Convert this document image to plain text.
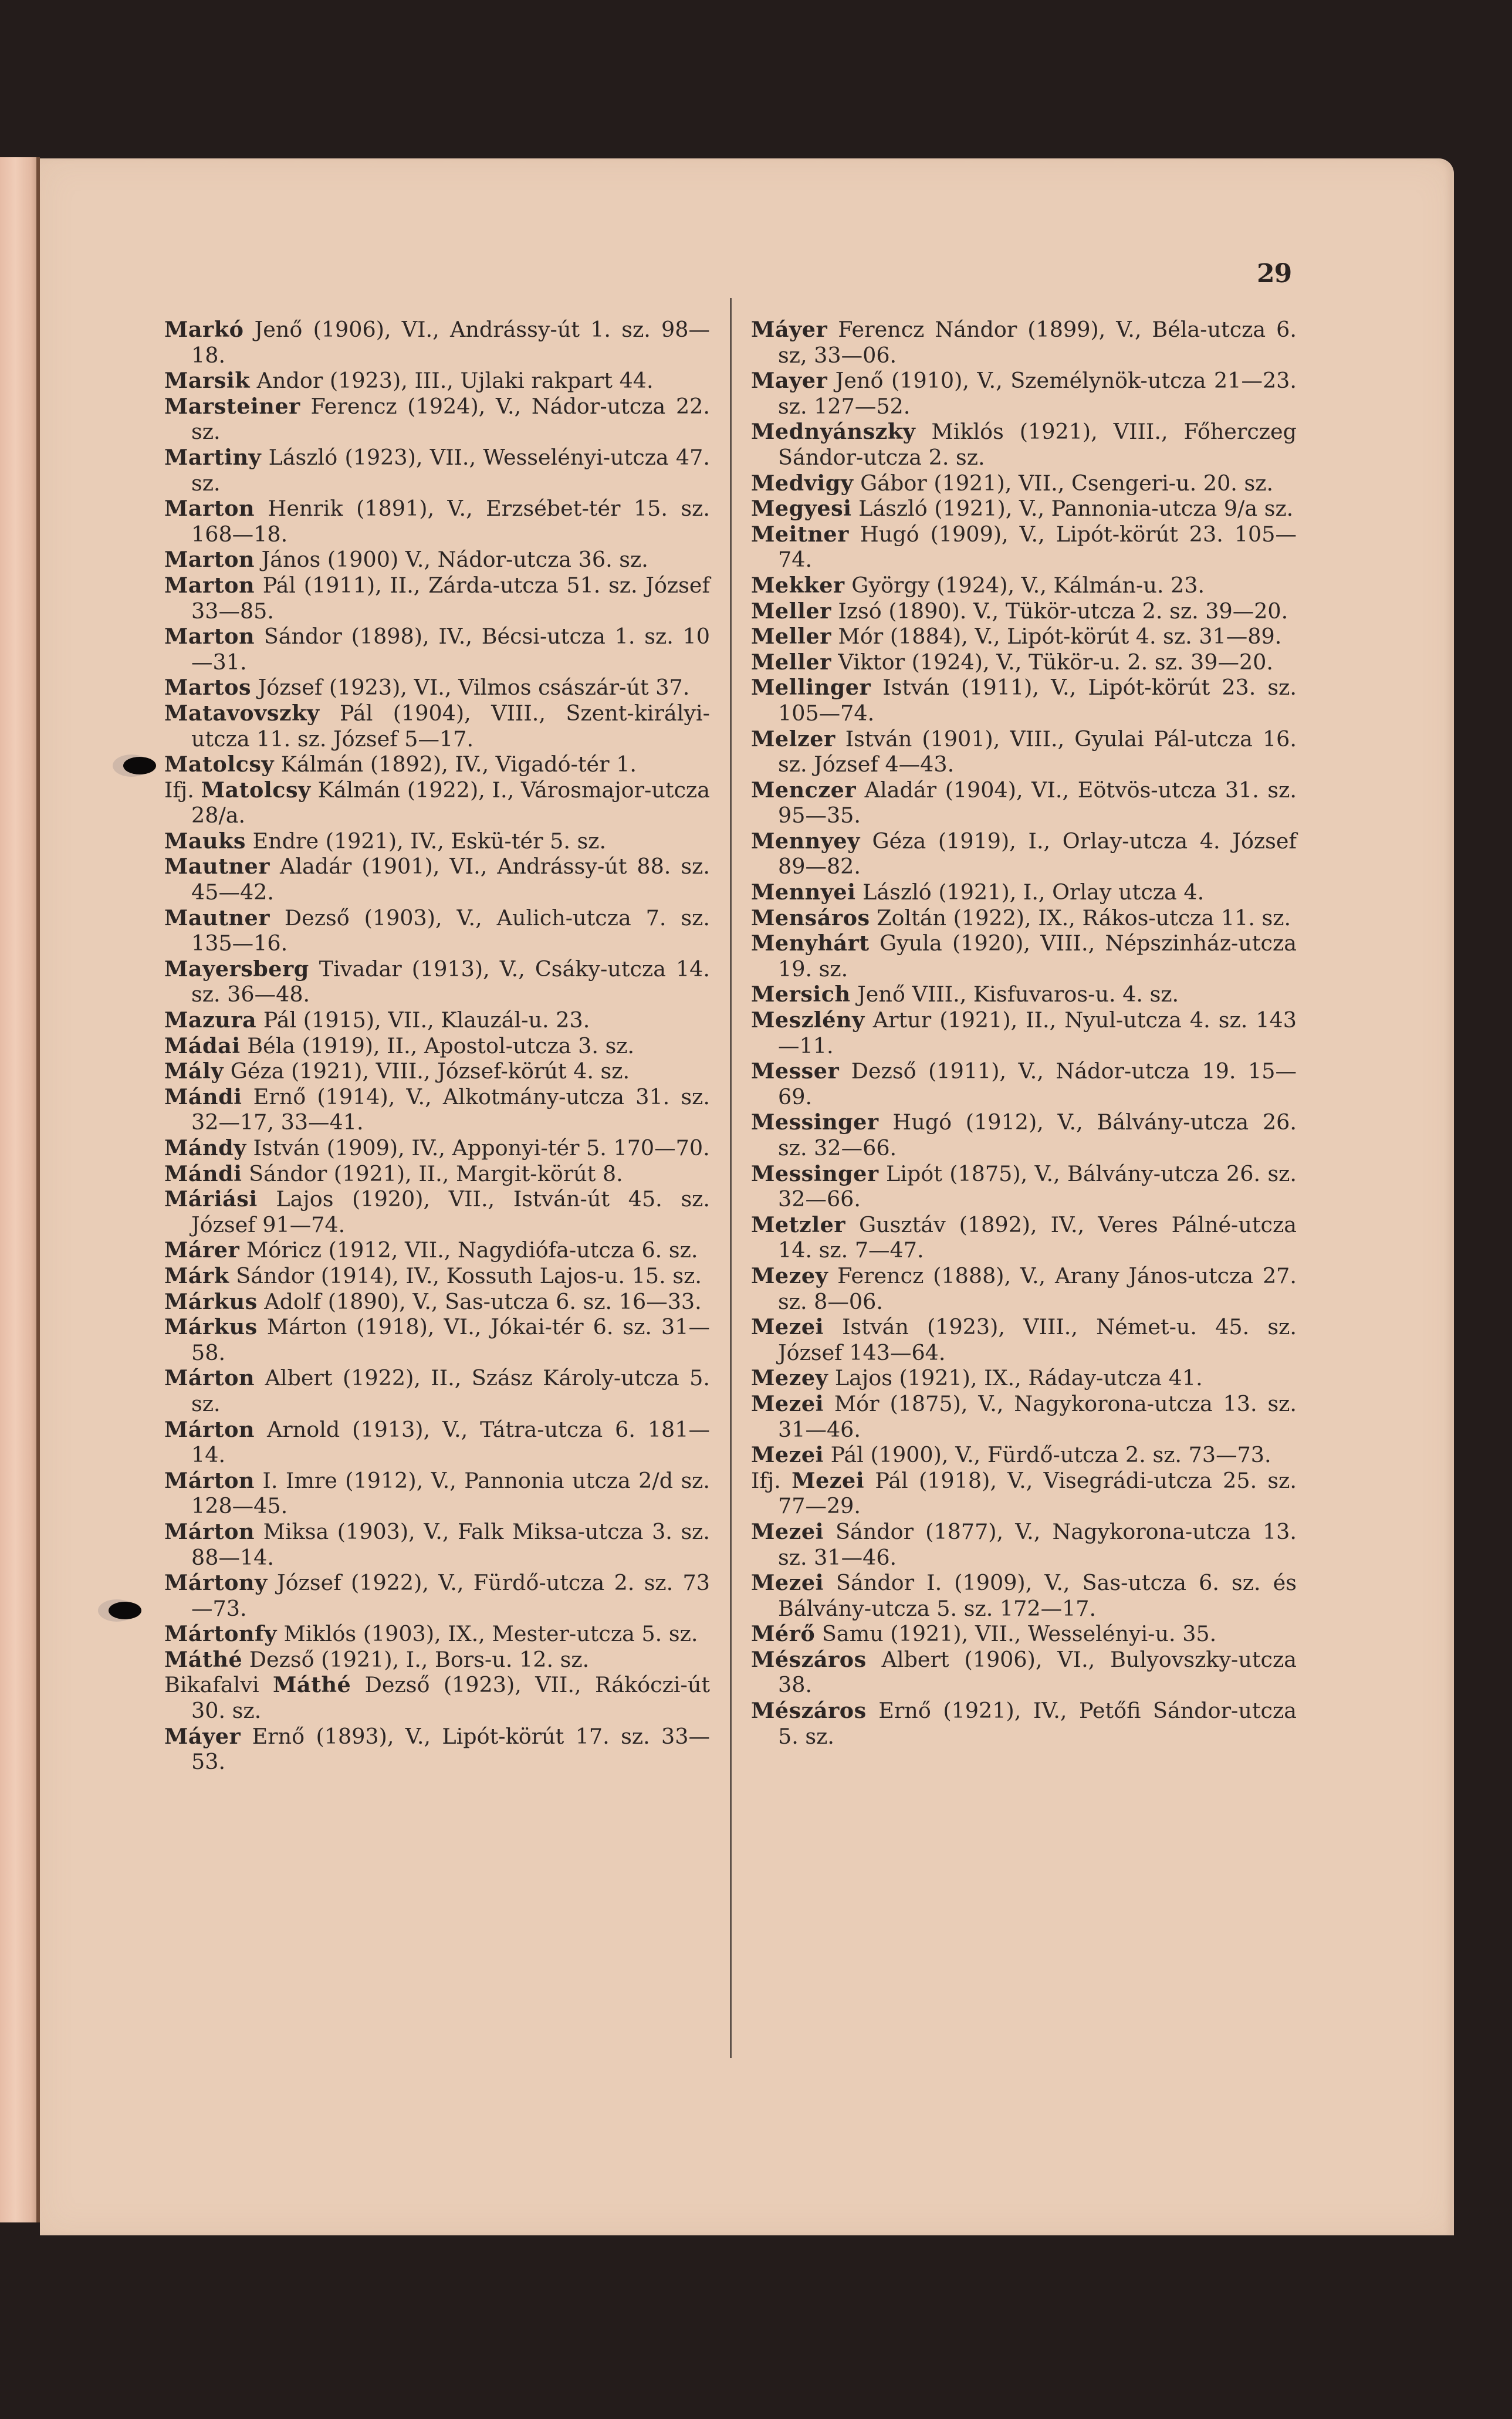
29

Markó Jenő (1906), VI., Andrássy-út 1. sz. 98—18.

Marsik Andor (1923), III., Ujlaki rakpart 44.

Marsteiner Ferencz (1924), V., Nádor-utcza 22. sz.

Martiny László (1923), VII., Wesselényi-utcza 47. sz.

Marton Henrik (1891), V., Erzsébet-tér 15. sz. 168—18.

Marton János (1900) V., Nádor-utcza 36. sz.

Marton Pál (1911), II., Zárda-utcza 51. sz. József 33—85.

Marton Sándor (1898), IV., Bécsi-utcza 1. sz. 10—31.

Martos József (1923), VI., Vilmos császár-út 37.

Matavovszky Pál (1904), VIII., Szent-királyi-utcza 11. sz. József 5—17.

Matolcsy Kálmán (1892), IV., Vigadó-tér 1.

Ifj. Matolcsy Kálmán (1922), I., Városmajor-utcza 28/a.

Mauks Endre (1921), IV., Eskü-tér 5. sz.

Mautner Aladár (1901), VI., Andrássy-út 88. sz. 45—42.

Mautner Dezső (1903), V., Aulich-utcza 7. sz. 135—16.

Mayersberg Tivadar (1913), V., Csáky-utcza 14. sz. 36—48.

Mazura Pál (1915), VII., Klauzál-u. 23.

Mádai Béla (1919), II., Apostol-utcza 3. sz.

Mály Géza (1921), VIII., József-körút 4. sz.

Mándi Ernő (1914), V., Alkotmány-utcza 31. sz. 32—17, 33—41.

Mándy István (1909), IV., Apponyi-tér 5. 170—70.

Mándi Sándor (1921), II., Margit-körút 8.

Máriási Lajos (1920), VII., István-út 45. sz. József 91—74.

Márer Móricz (1912, VII., Nagydiófa-utcza 6. sz.

Márk Sándor (1914), IV., Kossuth Lajos-u. 15. sz.

Márkus Adolf (1890), V., Sas-utcza 6. sz. 16—33.

Márkus Márton (1918), VI., Jókai-tér 6. sz. 31—58.

Márton Albert (1922), II., Szász Károly-utcza 5. sz.

Márton Arnold (1913), V., Tátra-utcza 6. 181—14.

Márton I. Imre (1912), V., Pannonia utcza 2/d sz. 128—45.

Márton Miksa (1903), V., Falk Miksa-utcza 3. sz. 88—14.

Mártony József (1922), V., Fürdő-utcza 2. sz. 73—73.

Mártonfy Miklós (1903), IX., Mester-utcza 5. sz.

Máthé Dezső (1921), I., Bors-u. 12. sz.

Bikafalvi Máthé Dezső (1923), VII., Rákóczi-út 30. sz.

Máyer Ernő (1893), V., Lipót-körút 17. sz. 33—53.

Máyer Ferencz Nándor (1899), V., Béla-utcza 6. sz, 33—06.

Mayer Jenő (1910), V., Személynök-utcza 21—23. sz. 127—52.

Mednyánszky Miklós (1921), VIII., Főherczeg Sándor-utcza 2. sz.

Medvigy Gábor (1921), VII., Csengeri-u. 20. sz.

Megyesi László (1921), V., Pannonia-utcza 9/a sz.

Meitner Hugó (1909), V., Lipót-körút 23. 105—74.

Mekker György (1924), V., Kálmán-u. 23.

Meller Izsó (1890). V., Tükör-utcza 2. sz. 39—20.

Meller Mór (1884), V., Lipót-körút 4. sz. 31—89.

Meller Viktor (1924), V., Tükör-u. 2. sz. 39—20.

Mellinger István (1911), V., Lipót-körút 23. sz. 105—74.

Melzer István (1901), VIII., Gyulai Pál-utcza 16. sz. József 4—43.

Menczer Aladár (1904), VI., Eötvös-utcza 31. sz. 95—35.

Mennyey Géza (1919), I., Orlay-utcza 4. József 89—82.

Mennyei László (1921), I., Orlay utcza 4.

Mensáros Zoltán (1922), IX., Rákos-utcza 11. sz.

Menyhárt Gyula (1920), VIII., Népszinház-utcza 19. sz.

Mersich Jenő VIII., Kisfuvaros-u. 4. sz.

Meszlény Artur (1921), II., Nyul-utcza 4. sz. 143—11.

Messer Dezső (1911), V., Nádor-utcza 19. 15—69.

Messinger Hugó (1912), V., Bálvány-utcza 26. sz. 32—66.

Messinger Lipót (1875), V., Bálvány-utcza 26. sz. 32—66.

Metzler Gusztáv (1892), IV., Veres Pálné-utcza 14. sz. 7—47.

Mezey Ferencz (1888), V., Arany János-utcza 27. sz. 8—06.

Mezei István (1923), VIII., Német-u. 45. sz. József 143—64.

Mezey Lajos (1921), IX., Ráday-utcza 41.

Mezei Mór (1875), V., Nagykorona-utcza 13. sz. 31—46.

Mezei Pál (1900), V., Fürdő-utcza 2. sz. 73—73.

Ifj. Mezei Pál (1918), V., Visegrádi-utcza 25. sz. 77—29.

Mezei Sándor (1877), V., Nagykorona-utcza 13. sz. 31—46.

Mezei Sándor I. (1909), V., Sas-utcza 6. sz. és Bálvány-utcza 5. sz. 172—17.

Mérő Samu (1921), VII., Wesselényi-u. 35.

Mészáros Albert (1906), VI., Bulyovszky-utcza 38.

Mészáros Ernő (1921), IV., Petőfi Sándor-utcza 5. sz.
